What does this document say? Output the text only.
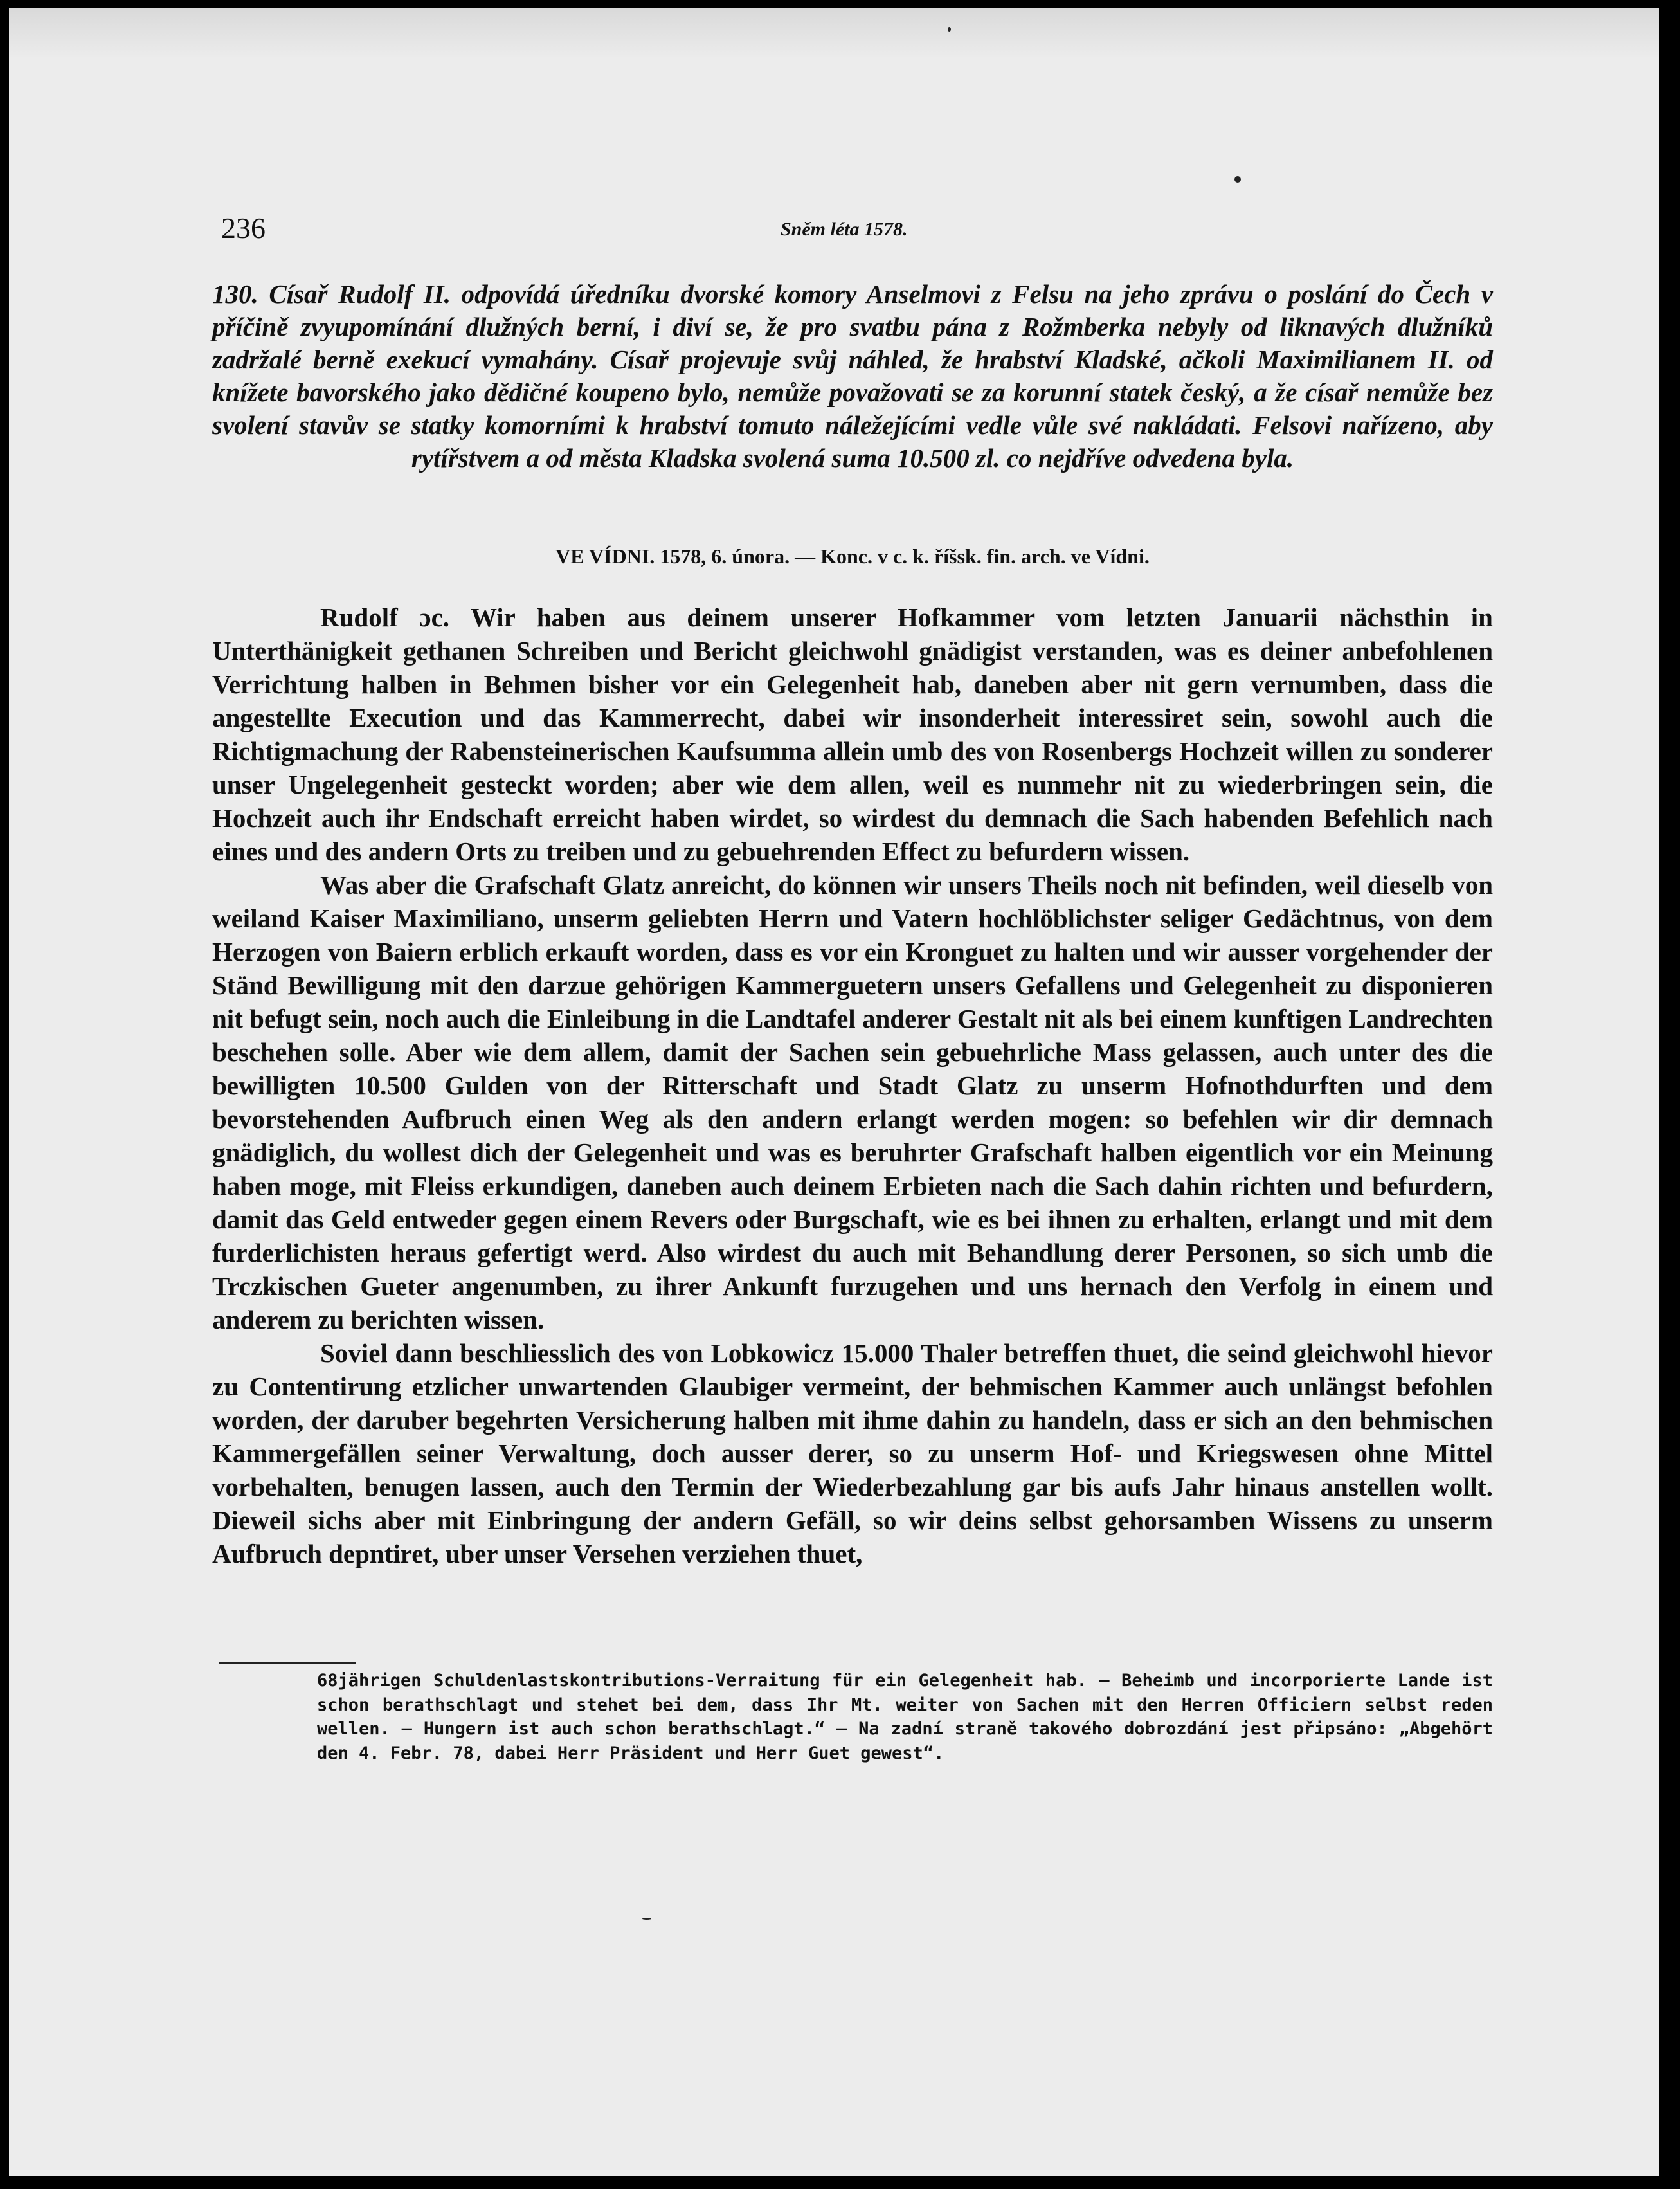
236	Sněm léta 1578.
130. Císař Rudolf II. odpovídá úředníku dvorské komory Anselmovi z Felsu na jeho zprávu o poslání do Čech v příčině zvyupomínání dlužných berní, i diví se, že pro svatbu pána z Rožmberka nebyly od liknavých dlužníků zadržalé berně exekucí vymahány. Císař projevuje svůj náhled, že hrabství Kladské, ačkoli Maximilianem II. od knížete bavorského jako dědičné koupeno bylo, nemůže považovati se za korunní statek český, a že císař nemůže bez svolení stavův se statky komorními k hrabství tomuto náležejícími vedle vůle své nakládati. Felsovi nařízeno, aby rytířstvem a od města Kladska svolená suma 10.500 zl. co nejdříve odvedena byla.
VE VÍDNI. 1578, 6. února. — Konc. v c. k. říšsk. fin. arch. ve Vídni.

Rudolf ɔc. Wir haben aus deinem unserer Hofkammer vom letzten Januarii nächsthin in Unterthänigkeit gethanen Schreiben und Bericht gleichwohl gnädigist verstanden, was es deiner anbefohlenen Verrichtung halben in Behmen bisher vor ein Gelegenheit hab, daneben aber nit gern vernumben, dass die angestellte Execution und das Kammerrecht, dabei wir insonderheit interessiret sein, sowohl auch die Richtigmachung der Rabensteinerischen Kaufsumma allein umb des von Rosenbergs Hochzeit willen zu sonderer unser Ungelegenheit gesteckt worden; aber wie dem allen, weil es nunmehr nit zu wiederbringen sein, die Hochzeit auch ihr Endschaft erreicht haben wirdet, so wirdest du demnach die Sach habenden Befehlich nach eines und des andern Orts zu treiben und zu gebuehrenden Effect zu befurdern wissen.

Was aber die Grafschaft Glatz anreicht, do können wir unsers Theils noch nit befinden, weil dieselb von weiland Kaiser Maximiliano, unserm geliebten Herrn und Vatern hochlöblichster seliger Gedächtnus, von dem Herzogen von Baiern erblich erkauft worden, dass es vor ein Kronguet zu halten und wir ausser vorgehender der Ständ Bewilligung mit den darzue gehörigen Kammerguetern unsers Gefallens und Gelegenheit zu disponieren nit befugt sein, noch auch die Einleibung in die Landtafel anderer Gestalt nit als bei einem kunftigen Landrechten beschehen solle. Aber wie dem allem, damit der Sachen sein gebuehrliche Mass gelassen, auch unter des die bewilligten 10.500 Gulden von der Ritterschaft und Stadt Glatz zu unserm Hofnothdurften und dem bevorstehenden Aufbruch einen Weg als den andern erlangt werden mogen: so befehlen wir dir demnach gnädiglich, du wollest dich der Gelegenheit und was es beruhrter Grafschaft halben eigentlich vor ein Meinung haben moge, mit Fleiss erkundigen, daneben auch deinem Erbieten nach die Sach dahin richten und befurdern, damit das Geld entweder gegen einem Revers oder Burgschaft, wie es bei ihnen zu erhalten, erlangt und mit dem furderlichisten heraus gefertigt werd. Also wirdest du auch mit Behandlung derer Personen, so sich umb die Trczkischen Gueter angenumben, zu ihrer Ankunft furzugehen und uns hernach den Verfolg in einem und anderem zu berichten wissen.

Soviel dann beschliesslich des von Lobkowicz 15.000 Thaler betreffen thuet, die seind gleichwohl hievor zu Contentirung etzlicher unwartenden Glaubiger vermeint, der behmischen Kammer auch unlängst befohlen worden, der daruber begehrten Versicherung halben mit ihme dahin zu handeln, dass er sich an den behmischen Kammergefällen seiner Verwaltung, doch ausser derer, so zu unserm Hof- und Kriegswesen ohne Mittel vorbehalten, benugen lassen, auch den Termin der Wiederbezahlung gar bis aufs Jahr hinaus anstellen wollt. Dieweil sichs aber mit Einbringung der andern Gefäll, so wir deins selbst gehorsamben Wissens zu unserm Aufbruch depntiret, uber unser Versehen verziehen thuet,

68jährigen Schuldenlastskontributions-Verraitung für ein Gelegenheit hab. — Beheimb und incorporierte Lande ist schon berathschlagt und stehet bei dem, dass Ihr Mt. weiter von Sachen mit den Herren Officiern selbst reden wellen. — Hungern ist auch schon berathschlagt.“ — Na zadní straně takového dobrozdání jest připsáno: „Abgehört den 4. Febr. 78, dabei Herr Präsident und Herr Guet gewest“.
